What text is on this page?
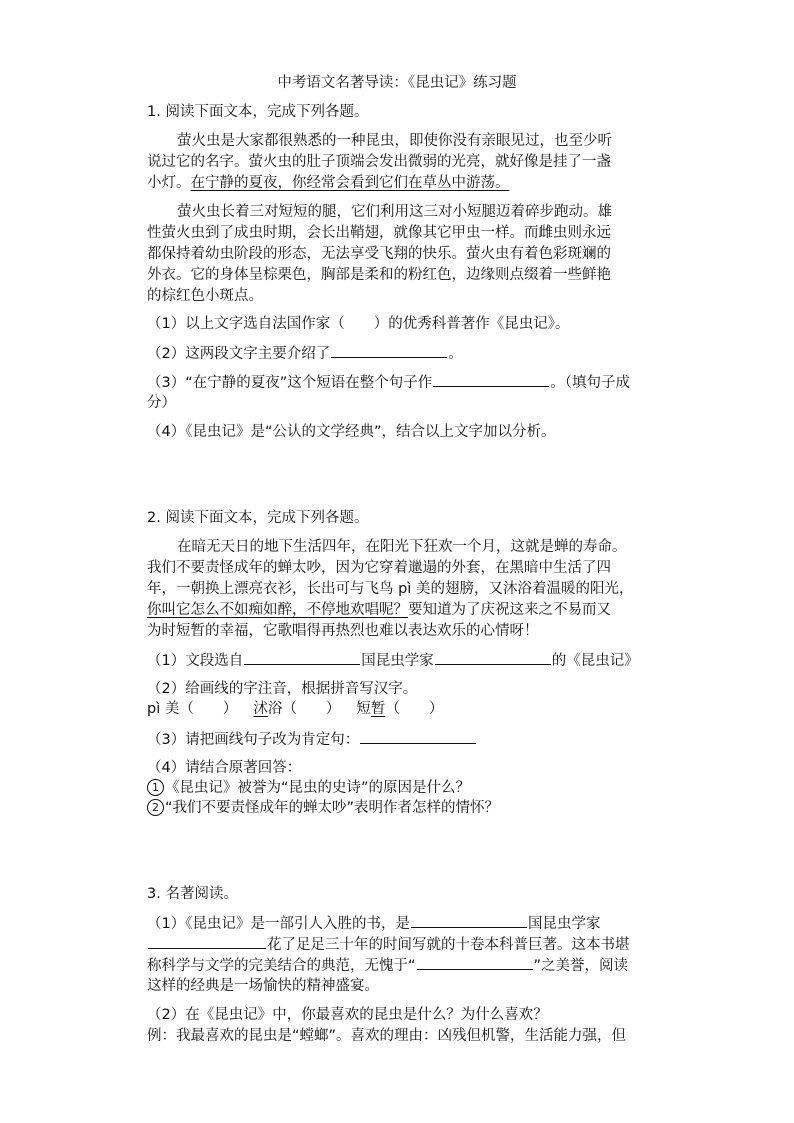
中考语文名著导读：《昆虫记》练习题
1. 阅读下面文本，完成下列各题。
萤火虫是大家都很熟悉的一种昆虫，即使你没有亲眼见过，也至少听
说过它的名字。萤火虫的肚子顶端会发出微弱的光亮，就好像是挂了一盏
小灯。在宁静的夏夜，你经常会看到它们在草丛中游荡。
萤火虫长着三对短短的腿，它们利用这三对小短腿迈着碎步跑动。雄
性萤火虫到了成虫时期，会长出鞘翅，就像其它甲虫一样。而雌虫则永远
都保持着幼虫阶段的形态，无法享受飞翔的快乐。萤火虫有着色彩斑斓的
外衣。它的身体呈棕栗色，胸部是柔和的粉红色，边缘则点缀着一些鲜艳
的棕红色小斑点。
（1）以上文字选自法国作家（　　）的优秀科普著作《昆虫记》。
（2）这两段文字主要介绍了	。
（3）“在宁静的夏夜”这个短语在整个句子作	。（填句子成
分）
（4）《昆虫记》是“公认的文学经典”，结合以上文字加以分析。
2. 阅读下面文本，完成下列各题。
在暗无天日的地下生活四年，在阳光下狂欢一个月，这就是蝉的寿命。
我们不要责怪成年的蝉太吵，因为它穿着邋遢的外套，在黑暗中生活了四
年，一朝换上漂亮衣衫，长出可与飞鸟 pì 美的翅膀，又沐浴着温暖的阳光，
你叫它怎么不如痴如醉，不停地欢唱呢？要知道为了庆祝这来之不易而又
为时短暂的幸福，它歌唱得再热烈也难以表达欢乐的心情呀！
（1）文段选自	国昆虫学家	的《昆虫记》
（2）给画线的字注音，根据拼音写汉字。
pì 美（　　） 沭浴（　　） 短暂（　　）
（3）请把画线句子改为肯定句：
（4）请结合原著回答：
1 《昆虫记》被誉为“昆虫的史诗”的原因是什么？
2 “我们不要责怪成年的蝉太吵”表明作者怎样的情怀？
3. 名著阅读。
（1）《昆虫记》是一部引人入胜的书，是	国昆虫学家
花了足足三十年的时间写就的十卷本科普巨著。这本书堪
称科学与文学的完美结合的典范，无愧于“	”之美誉，阅读
这样的经典是一场愉快的精神盛宴。
（2）在《昆虫记》中，你最喜欢的昆虫是什么？为什么喜欢？
例：我最喜欢的昆虫是“螳螂”。喜欢的理由：凶残但机警，生活能力强，但
